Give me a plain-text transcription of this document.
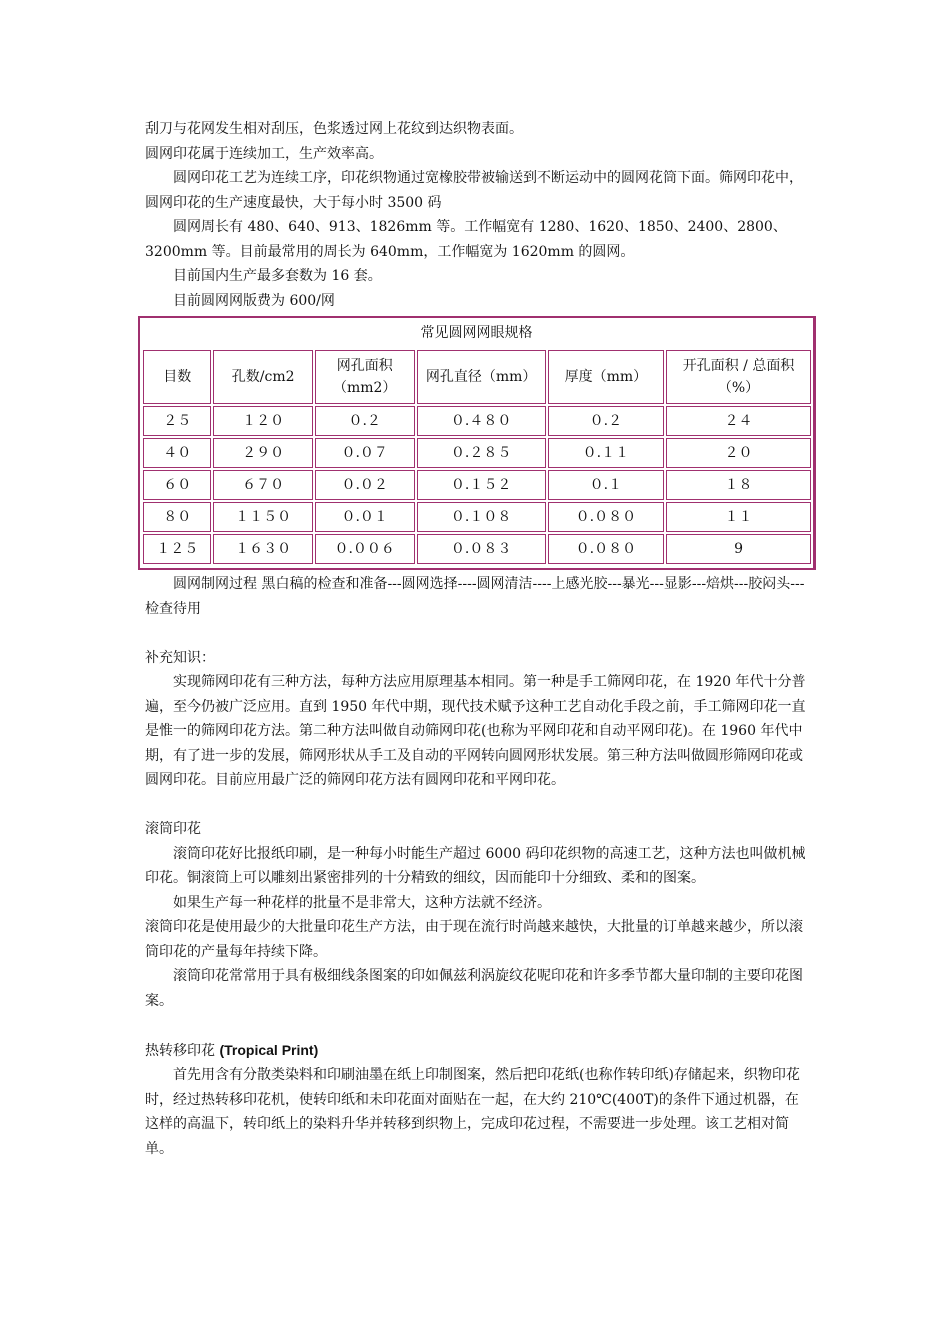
刮刀与花网发生相对刮压，色浆透过网上花纹到达织物表面。

圆网印花属于连续加工，生产效率高。

圆网印花工艺为连续工序，印花织物通过宽橡胶带被输送到不断运动中的圆网花筒下面。筛网印花中，圆网印花的生产速度最快，大于每小时 3500 码

圆网周长有 480、640、913、1826mm 等。工作幅宽有 1280、1620、1850、2400、2800、3200mm 等。目前最常用的周长为 640mm，工作幅宽为 1620mm 的圆网。

目前国内生产最多套数为 16 套。

目前圆网网版费为 600/网

常见圆网网眼规格
目数	孔数/cm2	网孔面积（mm2）	网孔直径（mm）	厚度（mm）	开孔面积 / 总面积（%）
２５	１２０	０.２	０.４８０	０.２	２４
４０	２９０	０.０７	０.２８５	０.１１	２０
６０	６７０	０.０２	０.１５２	０.１	１８
８０	１１５０	０.０１	０.１０８	０.０８０	１１
１２５	１６３０	０.００６	０.０８３	０.０８０	9

圆网制网过程 黑白稿的检查和准备---圆网选择----圆网清洁----上感光胶---暴光---显影---焙烘---胶闷头---检查待用

补充知识：

实现筛网印花有三种方法，每种方法应用原理基本相同。第一种是手工筛网印花，在 1920 年代十分普遍，至今仍被广泛应用。直到 1950 年代中期，现代技术赋予这种工艺自动化手段之前，手工筛网印花一直是惟一的筛网印花方法。第二种方法叫做自动筛网印花(也称为平网印花和自动平网印花)。在 1960 年代中期，有了进一步的发展，筛网形状从手工及自动的平网转向圆网形状发展。第三种方法叫做圆形筛网印花或圆网印花。目前应用最广泛的筛网印花方法有圆网印花和平网印花。

滚筒印花

滚筒印花好比报纸印刷，是一种每小时能生产超过 6000 码印花织物的高速工艺，这种方法也叫做机械印花。铜滚筒上可以雕刻出紧密排列的十分精致的细纹，因而能印十分细致、柔和的图案。

如果生产每一种花样的批量不是非常大，这种方法就不经济。

滚筒印花是使用最少的大批量印花生产方法，由于现在流行时尚越来越快，大批量的订单越来越少，所以滚筒印花的产量每年持续下降。

滚筒印花常常用于具有极细线条图案的印如佩兹利涡旋纹花呢印花和许多季节都大量印制的主要印花图案。

热转移印花 (Tropical Print)

首先用含有分散类染料和印刷油墨在纸上印制图案，然后把印花纸(也称作转印纸)存储起来，织物印花时，经过热转移印花机，使转印纸和未印花面对面贴在一起，在大约 210℃(400T)的条件下通过机器，在这样的高温下，转印纸上的染料升华并转移到织物上，完成印花过程，不需要进一步处理。该工艺相对简单。
